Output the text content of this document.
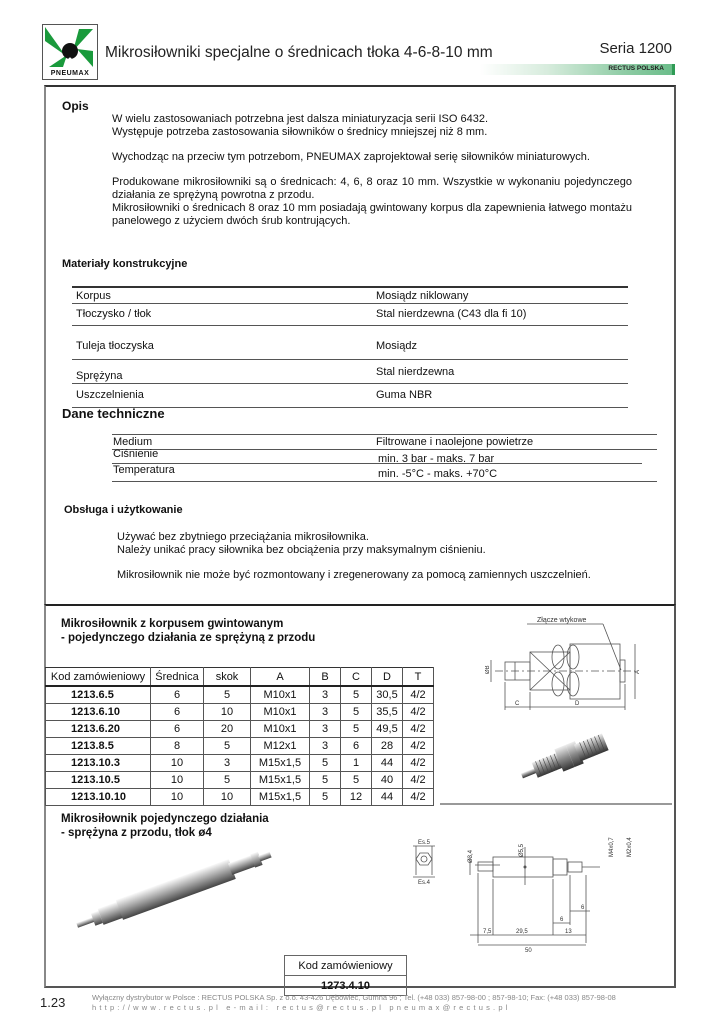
PNEUMAX
Mikrosiłowniki specjalne o średnicach tłoka 4-6-8-10 mm	Seria 1200
RECTUS POLSKA
Opis
W wielu zastosowaniach potrzebna jest dalsza miniaturyzacja serii ISO 6432.
Występuje potrzeba zastosowania siłowników o średnicy mniejszej niż 8 mm.
Wychodząc na przeciw tym potrzebom, PNEUMAX zaprojektował serię siłowników miniaturowych.
Produkowane mikrosiłowniki są o średnicach: 4, 6, 8 oraz 10 mm. Wszystkie w wykonaniu pojedynczego działania ze sprężyną powrotna z przodu.
Mikrosiłowniki o średnicach 8 oraz 10 mm posiadają gwintowany korpus dla zapewnienia łatwego montażu panelowego z użyciem dwóch śrub kontrujących.
Materiały konstrukcyjne
Korpus	Mosiądz niklowany
Tłoczysko / tłok	Stal nierdzewna (C43 dla fi 10)
Tuleja tłoczyska	Mosiądz
Sprężyna	Stal nierdzewna
Uszczelnienia	Guma NBR
Dane techniczne
Medium	Filtrowane i naolejone powietrze
Ciśnienie	min. 3 bar - maks. 7 bar
Temperatura	min. -5°C - maks. +70°C
Obsługa i użytkowanie
Używać bez zbytniego przeciążania mikrosiłownika.
Należy unikać pracy siłownika bez obciążenia przy maksymalnym ciśnieniu.
Mikrosiłownik nie może być rozmontowany i zregenerowany za pomocą zamiennych uszczelnień.
Mikrosiłownik z korpusem gwintowanym
- pojedynczego działania ze sprężyną z przodu
Kod zamówieniowy	Średnica	skok	A	B	C	D	T
1213.6.5	6	5	M10x1	3	5	30,5	4/2
1213.6.10	6	10	M10x1	3	5	35,5	4/2
1213.6.20	6	20	M10x1	3	5	49,5	4/2
1213.8.5	8	5	M12x1	3	6	28	4/2
1213.10.3	10	3	M15x1,5	5	1	44	4/2
1213.10.5	10	5	M15x1,5	5	5	40	4/2
1213.10.10	10	10	M15x1,5	5	12	44	4/2
Złącze wtykowe
ØB	A
C	D
Mikrosiłownik pojedynczego działania
- sprężyna z przodu, tłok ø4
Es.5
Es.4
Ø3,4	Ø5,5	M4x0,7 M2x0,4
7,5	29,5	13
6
6
50
Kod zamówieniowy
1273.4.10
1.23	Wyłączny dystrybutor w Polsce : RECTUS POLSKA Sp. z o.o. 43-426 Dębowiec, Gumna 96 ; Tel. (+48 033) 857-98-00 ; 857-98-10; Fax: (+48 033) 857-98-08
http://www.rectus.pl e-mail: rectus@rectus.pl pneumax@rectus.pl
